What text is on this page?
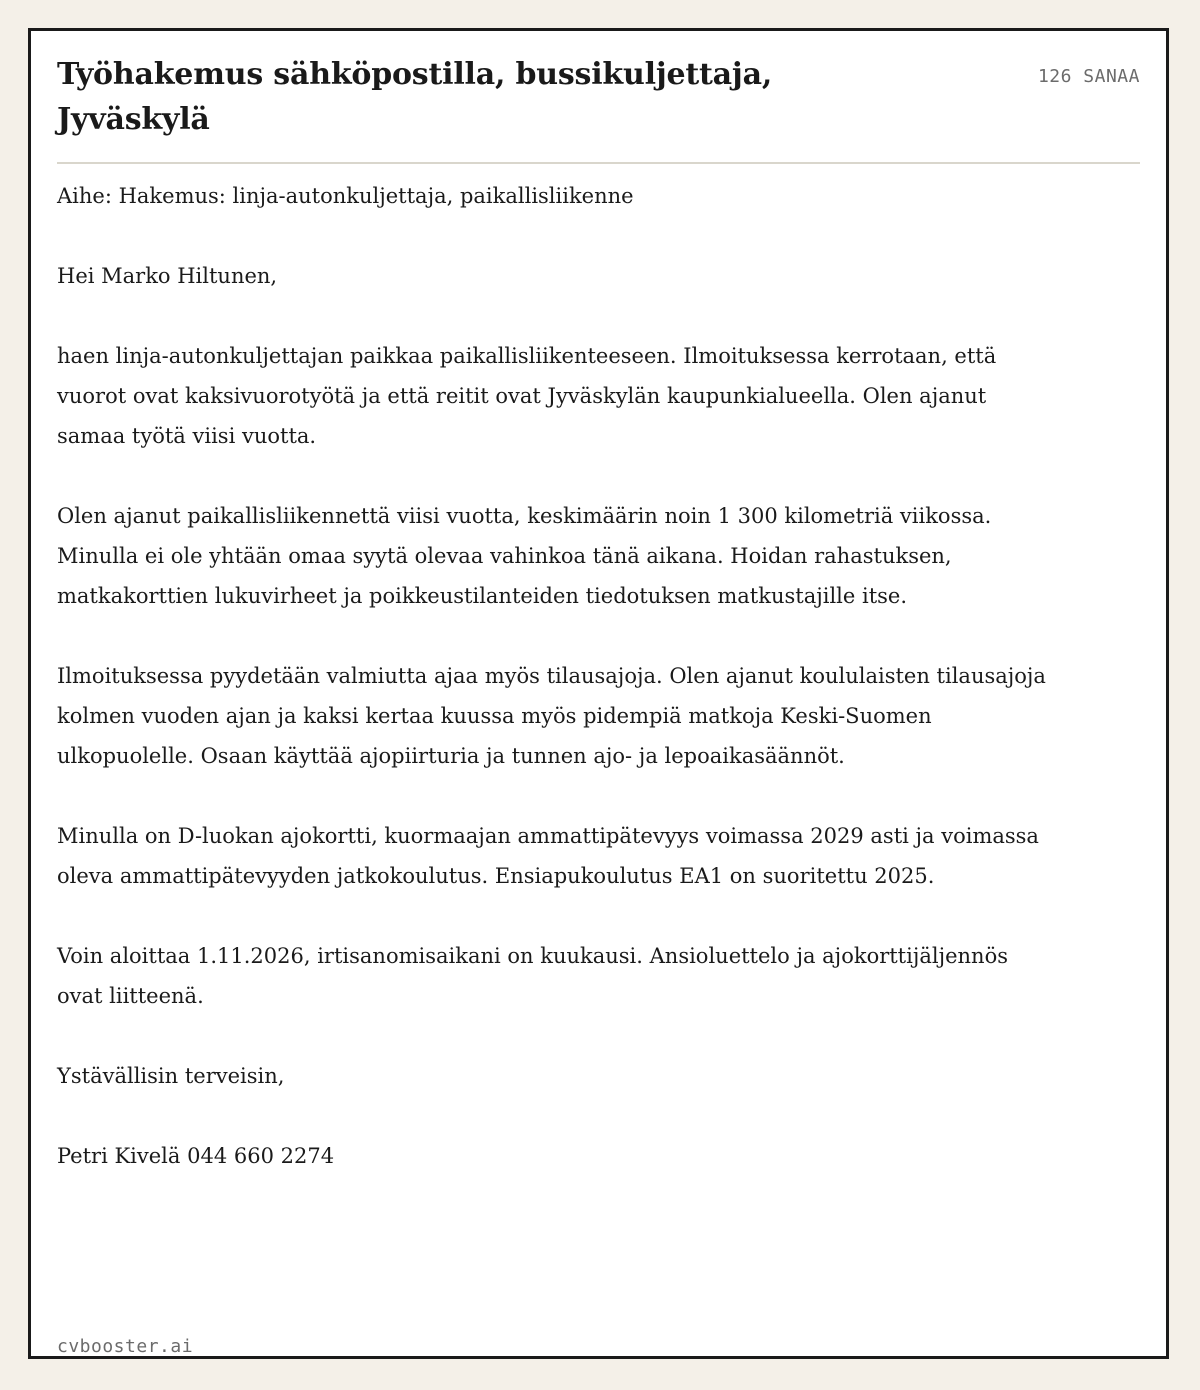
Työhakemus sähköpostilla, bussikuljettaja, Jyväskylä
126 SANAA

Aihe: Hakemus: linja-autonkuljettaja, paikallisliikenne

Hei Marko Hiltunen,

haen linja-autonkuljettajan paikkaa paikallisliikenteeseen. Ilmoituksessa kerrotaan, että vuorot ovat kaksivuorotyötä ja että reitit ovat Jyväskylän kaupunkialueella. Olen ajanut samaa työtä viisi vuotta.

Olen ajanut paikallisliikennettä viisi vuotta, keskimäärin noin 1 300 kilometriä viikossa. Minulla ei ole yhtään omaa syytä olevaa vahinkoa tänä aikana. Hoidan rahastuksen, matkakorttien lukuvirheet ja poikkeustilanteiden tiedotuksen matkustajille itse.

Ilmoituksessa pyydetään valmiutta ajaa myös tilausajoja. Olen ajanut koululaisten tilausajoja kolmen vuoden ajan ja kaksi kertaa kuussa myös pidempiä matkoja Keski-Suomen ulkopuolelle. Osaan käyttää ajopiirturia ja tunnen ajo- ja lepoaikasäännöt.

Minulla on D-luokan ajokortti, kuormaajan ammattipätevyys voimassa 2029 asti ja voimassa oleva ammattipätevyyden jatkokoulutus. Ensiapukoulutus EA1 on suoritettu 2025.

Voin aloittaa 1.11.2026, irtisanomisaikani on kuukausi. Ansioluettelo ja ajokorttijäljennös ovat liitteenä.

Ystävällisin terveisin,

Petri Kivelä 044 660 2274

cvbooster.ai
